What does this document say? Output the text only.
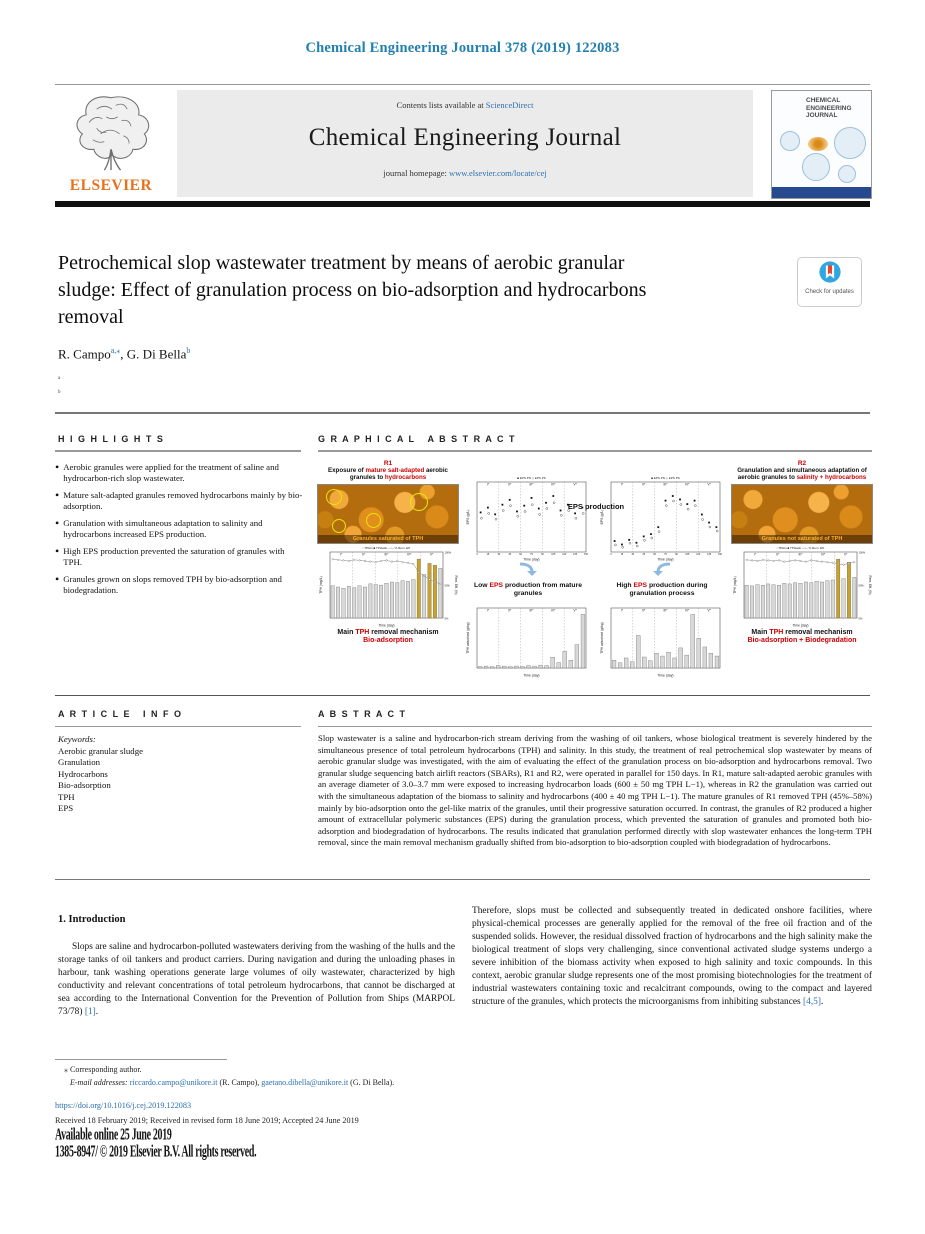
Chemical Engineering Journal 378 (2019) 122083
ELSEVIER
Contents lists available at ScienceDirect
Chemical Engineering Journal
journal homepage: www.elsevier.com/locate/cej
CHEMICAL
ENGINEERING
JOURNAL
Petrochemical slop wastewater treatment by means of aerobic granular
sludge: Effect of granulation process on bio-adsorption and hydrocarbons
removal
Check for updates
R. Campo$^{a,⁎}$, G. Di Bella$^b$
$^a$
$^b$
H I G H L I G H T S
• Aerobic granules were applied for the treatment of saline and hydrocarbon-rich slop wastewater.
• Mature salt-adapted granules removed hydrocarbons mainly by bio-adsorption.
• Granulation with simultaneous adaptation to salinity and hydrocarbons increased EPS production.
• High EPS production prevented the saturation of granules with TPH.
• Granules grown on slops removed TPH by bio-adsorption and biodegradation.
G R A P H I C A L   A B S T R A C T
EPS production
R1
Exposure of mature salt-adapted aerobic granules to hydrocarbons
Granules saturated of TPH
I*	II*	III*	IV*	V*
▫ TPHin ■ TPHads ─○─ % Rem. Eff.
TPH (mg/L)	Rem. Eff. (%)
Time (day)
100%
50%
0%
Main TPH removal mechanism
Bio-adsorption
I*	II*	III*	IV*	V*
■ EPS PN ◇ EPS PS
EPS (g/L)
Time (day)
0	15	30	45	60	75	90	105	120	135	150
Low EPS production from mature granules
I*	II*	III*	IV*	V*
TPH adsorbed (g/kg)
Time (day)
I*	II*	III*	IV*	V*
■ EPS PN ◇ EPS PS
EPS (g/L)
Time (day)
0	15	30	45	60	75	90	105	120	135	150
High EPS production during granulation process
I*	II*	III*	IV*	V*
TPH adsorbed (g/kg)
Time (day)
R2
Granulation and simultaneous adaptation of aerobic granules to salinity + hydrocarbons
Granules not saturated of TPH
I*	II*	III*	IV*	V*
▫ TPHin ■ TPHads ─○─ % Rem. Eff.
TPH (mg/L)	Rem. Eff. (%)
Time (day)
100%
50%
0%
Main TPH removal mechanism
Bio-adsorption + Biodegradation
A R T I C L E   I N F O
Keywords:
Aerobic granular sludge
Granulation
Hydrocarbons
Bio-adsorption
TPH
EPS
A B S T R A C T
Slop wastewater is a saline and hydrocarbon-rich stream deriving from the washing of oil tankers, whose biological treatment is severely hindered by the simultaneous presence of total petroleum hydrocarbons (TPH) and salinity. In this study, the treatment of real petrochemical slop wastewater by means of aerobic granular sludge was investigated, with the aim of evaluating the effect of the granulation process on bio-adsorption and hydrocarbons removal. Two granular sludge sequencing batch airlift reactors (SBARs), R1 and R2, were operated in parallel for 150 days. In R1, mature salt-adapted aerobic granules with an average diameter of 3.0–3.7 mm were exposed to increasing hydrocarbon loads (600 ± 50 mg TPH L−1), whereas in R2 the granulation was carried out with the simultaneous adaptation of the biomass to salinity and hydrocarbons (400 ± 40 mg TPH L−1). The mature granules of R1 removed TPH (45%–58%) mainly by bio-adsorption onto the gel-like matrix of the granules, until their progressive saturation occurred. In contrast, the granules of R2 produced a higher amount of extracellular polymeric substances (EPS) during the granulation process, which prevented the saturation of granules and promoted both bio-adsorption and biodegradation of hydrocarbons. The results indicated that granulation performed directly with slop wastewater enhances the long-term TPH removal, since the main removal mechanism gradually shifted from bio-adsorption to bio-adsorption coupled with biodegradation of hydrocarbons.
1. Introduction
Slops are saline and hydrocarbon-polluted wastewaters deriving from the washing of the hulls and the storage tanks of oil tankers and product carriers. During navigation and during the unloading phases in harbour, tank washing operations generate large volumes of oily wastewater, characterized by high conductivity and relevant concentrations of total petroleum hydrocarbons, that cannot be discharged at sea according to the International Convention for the Prevention of Pollution from Ships (MARPOL 73/78) [1].
Therefore, slops must be collected and subsequently treated in dedicated onshore facilities, where physical-chemical processes are generally applied for the removal of the free oil fraction and of the suspended solids. However, the residual dissolved fraction of hydrocarbons and the high salinity make the biological treatment of slops very challenging, since conventional activated sludge systems undergo a severe inhibition of the biomass activity when exposed to high salinity and toxic compounds. In this context, aerobic granular sludge represents one of the most promising biotechnologies for the treatment of industrial wastewaters containing toxic and recalcitrant compounds, owing to the compact and layered structure of the granules, which protects the microorganisms from inhibiting substances [4,5].
⁎ Corresponding author.
E-mail addresses: riccardo.campo@unikore.it (R. Campo), gaetano.dibella@unikore.it (G. Di Bella).
https://doi.org/10.1016/j.cej.2019.122083
Received 18 February 2019; Received in revised form 18 June 2019; Accepted 24 June 2019
Available online 25 June 2019
1385-8947/ © 2019 Elsevier B.V. All rights reserved.
